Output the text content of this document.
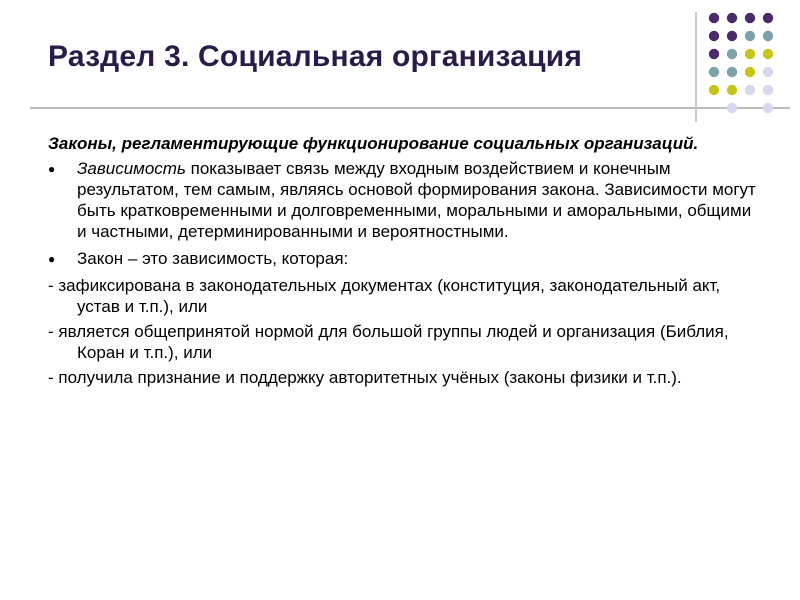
Раздел 3. Социальная организация
Законы, регламентирующие функционирование социальных организаций.
● Зависимость показывает связь между входным воздействием и конечным результатом, тем самым, являясь основой формирования закона. Зависимости могут быть кратковременными и долговременными, моральными и аморальными, общими и частными, детерминированными и вероятностными.
● Закон – это зависимость, которая:
- зафиксирована в законодательных документах (конституция, законодательный акт, устав и т.п.), или
- является общепринятой нормой для большой группы людей и организация (Библия, Коран и т.п.), или
- получила признание и поддержку авторитетных учёных (законы физики и т.п.).
